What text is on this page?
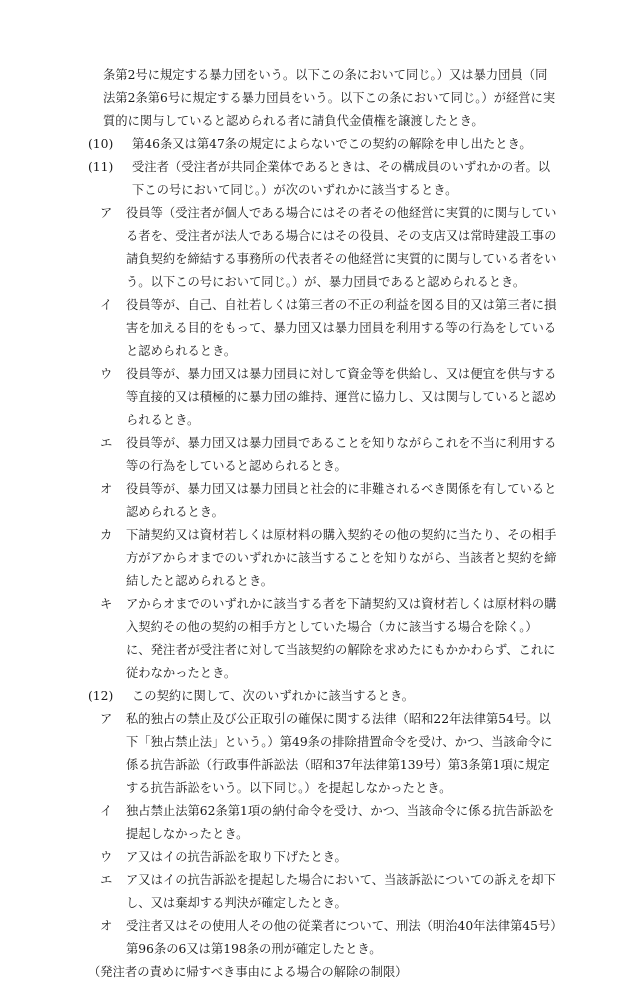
条第2号に規定する暴力団をいう。以下この条において同じ。）又は暴力団員（同法第2条第6号に規定する暴力団員をいう。以下この条において同じ。）が経営に実質的に関与していると認められる者に請負代金債権を譲渡したとき。

(10)	第46条又は第47条の規定によらないでこの契約の解除を申し出たとき。
(11)	受注者（受注者が共同企業体であるときは、その構成員のいずれかの者。以下この号において同じ。）が次のいずれかに該当するとき。
ア	役員等（受注者が個人である場合にはその者その他経営に実質的に関与している者を、受注者が法人である場合にはその役員、その支店又は常時建設工事の請負契約を締結する事務所の代表者その他経営に実質的に関与している者をいう。以下この号において同じ。）が、暴力団員であると認められるとき。
イ	役員等が、自己、自社若しくは第三者の不正の利益を図る目的又は第三者に損害を加える目的をもって、暴力団又は暴力団員を利用する等の行為をしていると認められるとき。
ウ	役員等が、暴力団又は暴力団員に対して資金等を供給し、又は便宜を供与する等直接的又は積極的に暴力団の維持、運営に協力し、又は関与していると認められるとき。
エ	役員等が、暴力団又は暴力団員であることを知りながらこれを不当に利用する等の行為をしていると認められるとき。
オ	役員等が、暴力団又は暴力団員と社会的に非難されるべき関係を有していると認められるとき。
カ	下請契約又は資材若しくは原材料の購入契約その他の契約に当たり、その相手方がアからオまでのいずれかに該当することを知りながら、当該者と契約を締結したと認められるとき。
キ	アからオまでのいずれかに該当する者を下請契約又は資材若しくは原材料の購入契約その他の契約の相手方としていた場合（カに該当する場合を除く。）に、発注者が受注者に対して当該契約の解除を求めたにもかかわらず、これに従わなかったとき。
(12)	この契約に関して、次のいずれかに該当するとき。
ア	私的独占の禁止及び公正取引の確保に関する法律（昭和22年法律第54号。以下「独占禁止法」という。）第49条の排除措置命令を受け、かつ、当該命令に係る抗告訴訟（行政事件訴訟法（昭和37年法律第139号）第3条第1項に規定する抗告訴訟をいう。以下同じ。）を提起しなかったとき。
イ	独占禁止法第62条第1項の納付命令を受け、かつ、当該命令に係る抗告訴訟を提起しなかったとき。
ウ	ア又はイの抗告訴訟を取り下げたとき。
エ	ア又はイの抗告訴訟を提起した場合において、当該訴訟についての訴えを却下し、又は棄却する判決が確定したとき。
オ	受注者又はその使用人その他の従業者について、刑法（明治40年法律第45号）第96条の6又は第198条の刑が確定したとき。

（発注者の責めに帰すべき事由による場合の解除の制限）
